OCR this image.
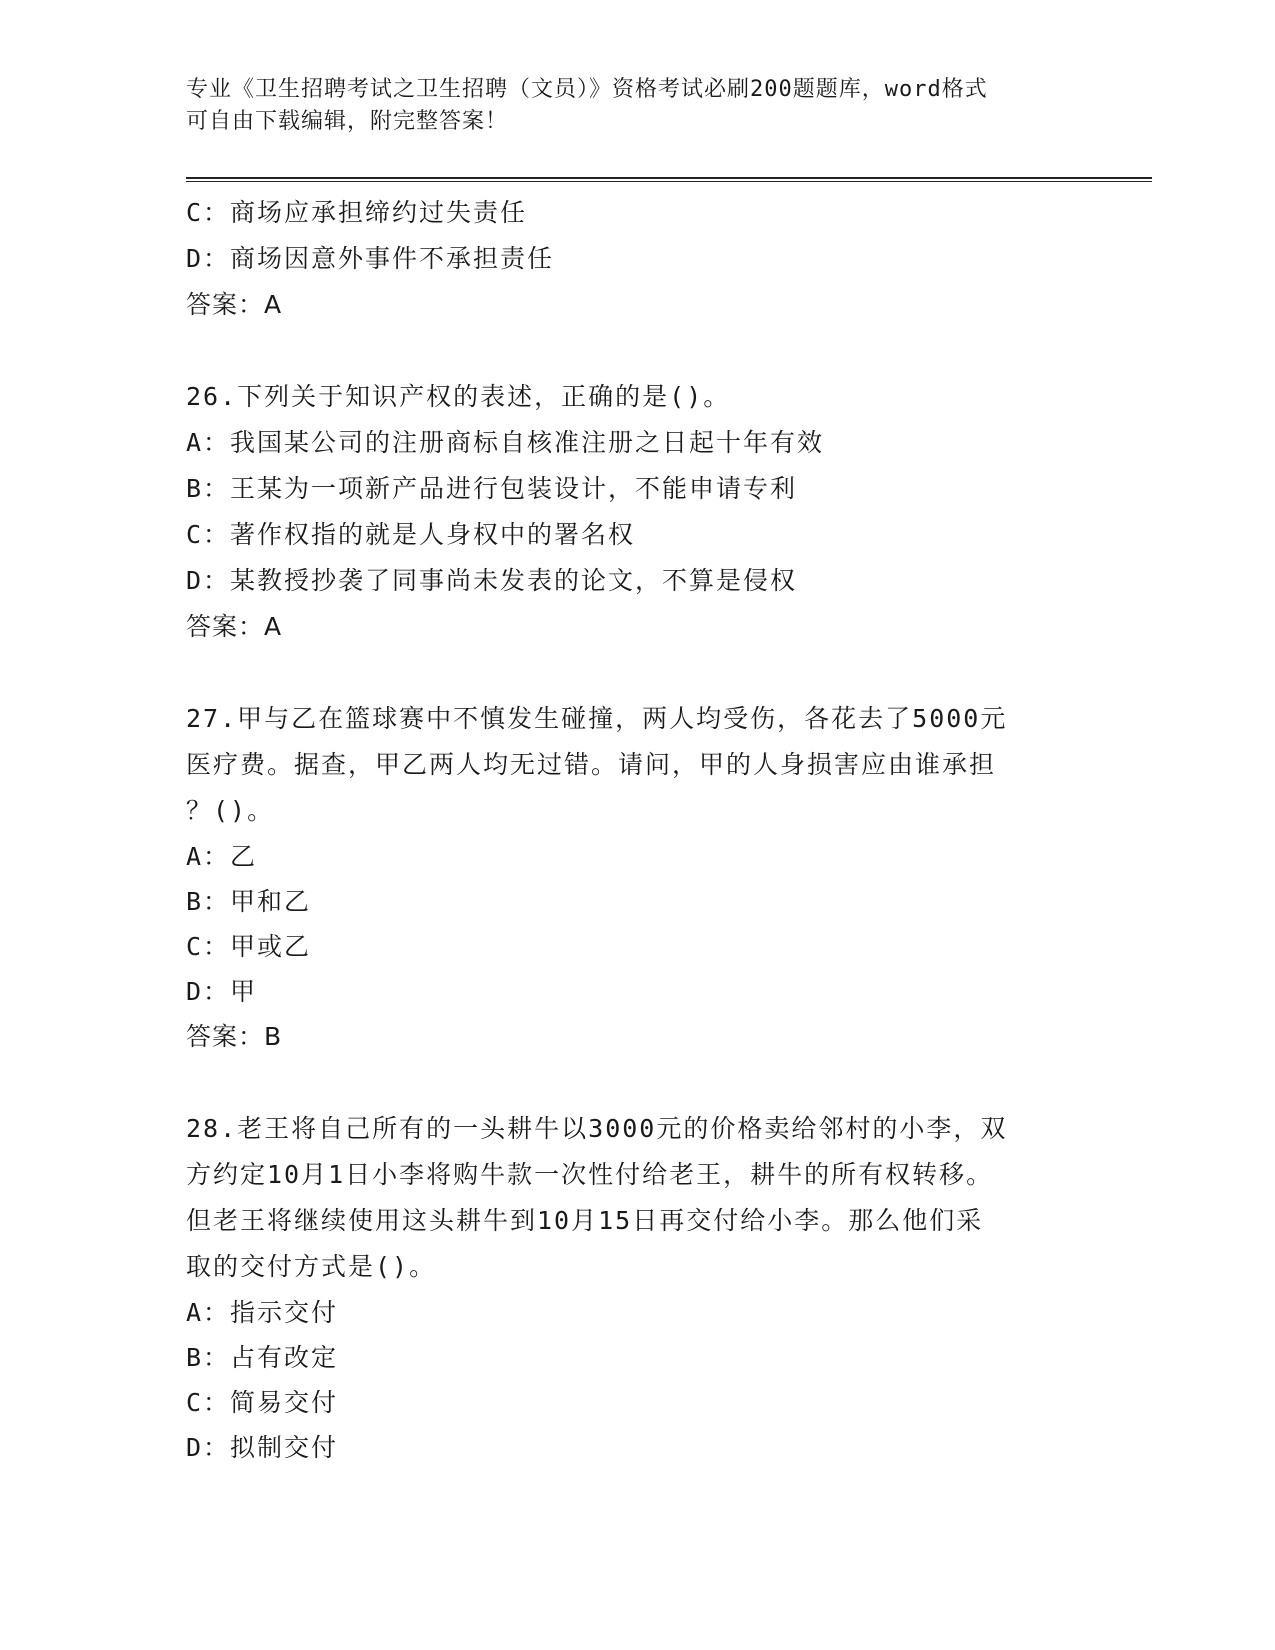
专业《卫生招聘考试之卫生招聘（文员）》资格考试必刷200题题库，word格式
可自由下载编辑，附完整答案！
C：商场应承担缔约过失责任
D：商场因意外事件不承担责任
答案：A
26.下列关于知识产权的表述，正确的是()。
A：我国某公司的注册商标自核准注册之日起十年有效
B：王某为一项新产品进行包装设计，不能申请专利
C：著作权指的就是人身权中的署名权
D：某教授抄袭了同事尚未发表的论文，不算是侵权
答案：A
27.甲与乙在篮球赛中不慎发生碰撞，两人均受伤，各花去了5000元
医疗费。据查，甲乙两人均无过错。请问，甲的人身损害应由谁承担
？()。
A：乙
B：甲和乙
C：甲或乙
D：甲
答案：B
28.老王将自己所有的一头耕牛以3000元的价格卖给邻村的小李，双
方约定10月1日小李将购牛款一次性付给老王，耕牛的所有权转移。
但老王将继续使用这头耕牛到10月15日再交付给小李。那么他们采
取的交付方式是()。
A：指示交付
B：占有改定
C：简易交付
D：拟制交付
